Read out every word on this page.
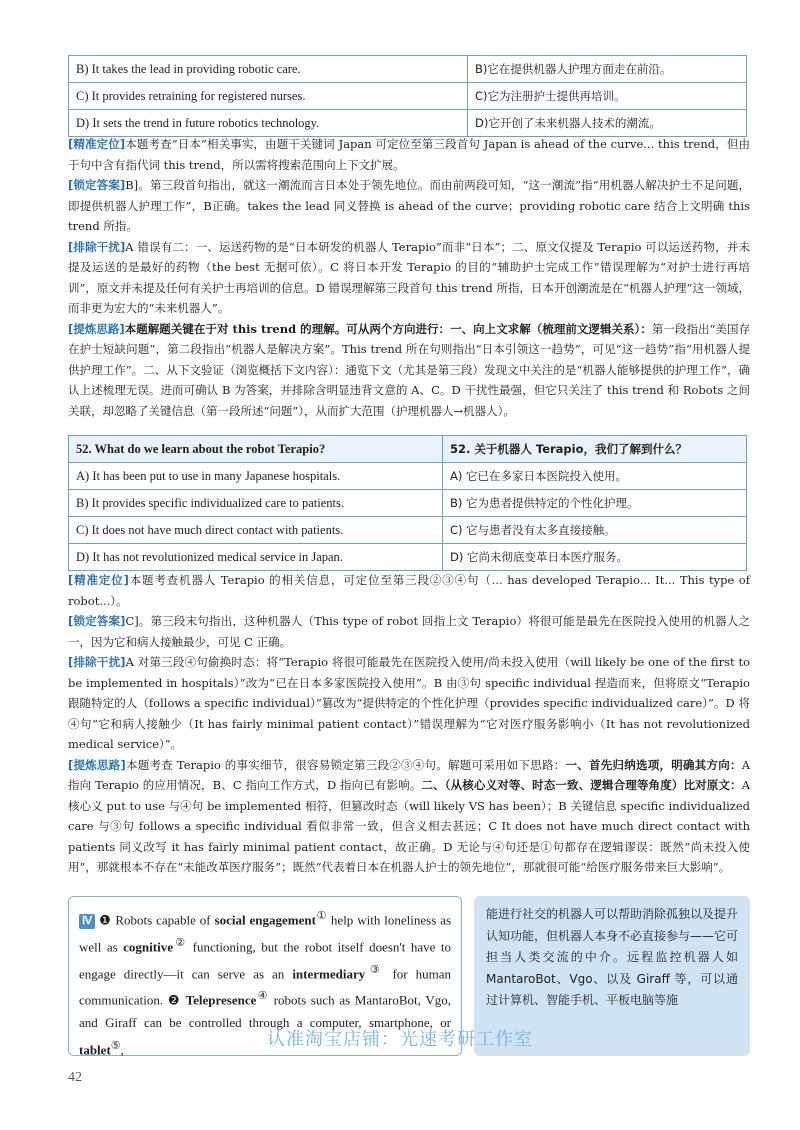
B) It takes the lead in providing robotic care.	B)它在提供机器人护理方面走在前沿。
C) It provides retraining for registered nurses.	C)它为注册护士提供再培训。
D) It sets the trend in future robotics technology.	D)它开创了未来机器人技术的潮流。

[精准定位]本题考查“日本”相关事实，由题干关键词 Japan 可定位至第三段首句 Japan is ahead of the curve... this trend，但由于句中含有指代词 this trend，所以需将搜索范围向上下文扩展。

[锁定答案]B]。第三段首句指出，就这一潮流而言日本处于领先地位。而由前两段可知，“这一潮流”指“用机器人解决护士不足问题，即提供机器人护理工作”，B正确。takes the lead 同义替换 is ahead of the curve；providing robotic care 结合上文明确 this trend 所指。

[排除干扰]A 错误有二：一、运送药物的是“日本研发的机器人 Terapio”而非“日本”；二、原文仅提及 Terapio 可以运送药物，并未提及运送的是最好的药物（the best 无据可依）。C 将日本开发 Terapio 的目的“辅助护士完成工作”错误理解为“对护士进行再培训”，原文并未提及任何有关护士再培训的信息。D 错误理解第三段首句 this trend 所指，日本开创潮流是在“机器人护理”这一领域，而非更为宏大的“未来机器人”。

[提炼思路]本题解题关键在于对 this trend 的理解。可从两个方向进行：一、向上文求解（梳理前文逻辑关系）：第一段指出“美国存在护士短缺问题”，第二段指出“机器人是解决方案”。This trend 所在句则指出“日本引领这一趋势”，可见“这一趋势”指“用机器人提供护理工作”。二、从下文验证（浏览概括下文内容）：通览下文（尤其是第三段）发现文中关注的是“机器人能够提供的护理工作”，确认上述梳理无误。进而可确认 B 为答案，并排除含明显违背文意的 A、C。D 干扰性最强，但它只关注了 this trend 和 Robots 之间关联，却忽略了关键信息（第一段所述“问题”），从而扩大范围（护理机器人→机器人）。

52. What do we learn about the robot Terapio?	52. 关于机器人 Terapio，我们了解到什么？
A) It has been put to use in many Japanese hospitals.	A) 它已在多家日本医院投入使用。
B) It provides specific individualized care to patients.	B) 它为患者提供特定的个性化护理。
C) It does not have much direct contact with patients.	C) 它与患者没有太多直接接触。
D) It has not revolutionized medical service in Japan.	D) 它尚未彻底变革日本医疗服务。

[精准定位]本题考查机器人 Terapio 的相关信息，可定位至第三段②③④句（... has developed Terapio... It... This type of robot...）。

[锁定答案]C]。第三段末句指出，这种机器人（This type of robot 回指上文 Terapio）将很可能是最先在医院投入使用的机器人之一，因为它和病人接触最少，可见 C 正确。

[排除干扰]A 对第三段④句偷换时态：将“Terapio 将很可能最先在医院投入使用/尚未投入使用（will likely be one of the first to be implemented in hospitals）”改为“已在日本多家医院投入使用”。B 由③句 specific individual 捏造而来，但将原文“Terapio 跟随特定的人（follows a specific individual）”篡改为“提供特定的个性化护理（provides specific individualized care）”。D 将④句“它和病人接触少（It has fairly minimal patient contact）”错误理解为“它对医疗服务影响小（It has not revolutionized medical service）”。

[提炼思路]本题考查 Terapio 的事实细节，很容易锁定第三段②③④句。解题可采用如下思路：一、首先归纳选项，明确其方向：A 指向 Terapio 的应用情况，B、C 指向工作方式，D 指向已有影响。二、（从核心义对等、时态一致、逻辑合理等角度）比对原文：A 核心义 put to use 与④句 be implemented 相符，但篡改时态（will likely VS has been）；B 关键信息 specific individualized care 与③句 follows a specific individual 看似非常一致，但含义相去甚远；C It does not have much direct contact with patients 同义改写 it has fairly minimal patient contact，故正确。D 无论与④句还是①句都存在逻辑谬误：既然“尚未投入使用”，那就根本不存在“未能改革医疗服务”；既然“代表着日本在机器人护士的领先地位”，那就很可能“给医疗服务带来巨大影响”。

Ⅳ ❶ Robots capable of social engagement① help with loneliness as well as cognitive② functioning, but the robot itself doesn't have to engage directly—it can serve as an intermediary③ for human communication. ❷ Telepresence④ robots such as MantaroBot, Vgo, and Giraff can be controlled through a computer, smartphone, or tablet⑤,
能进行社交的机器人可以帮助消除孤独以及提升认知功能，但机器人本身不必直接参与——它可担当人类交流的中介。远程监控机器人如 MantaroBot、Vgo、以及 Giraff 等，可以通过计算机、智能手机、平板电脑等施
认准淘宝店铺：光速考研工作室
42
